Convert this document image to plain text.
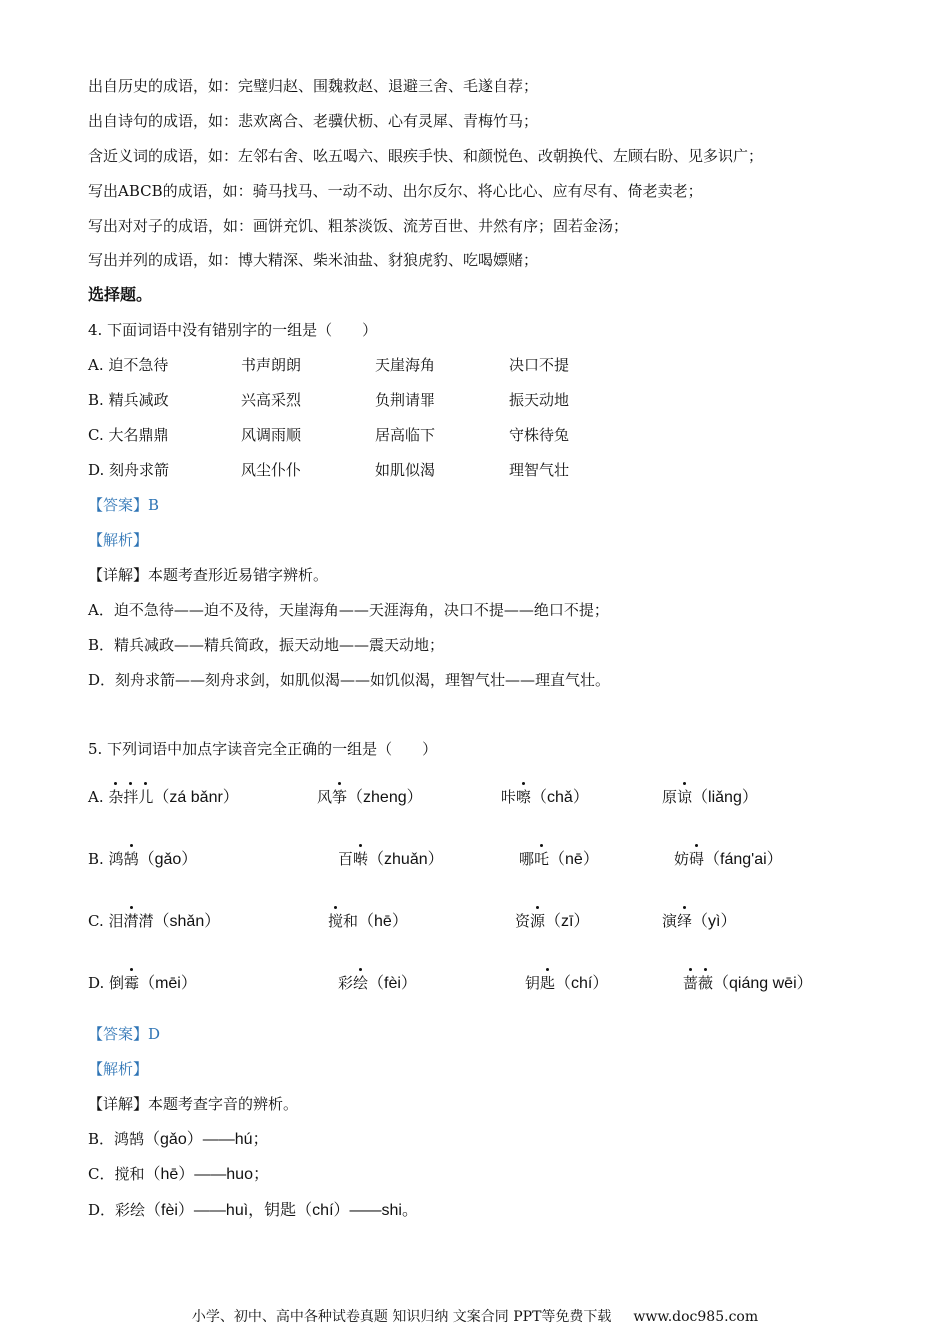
出自历史的成语，如：完璧归赵、围魏救赵、退避三舍、毛遂自荐；
出自诗句的成语，如：悲欢离合、老骥伏枥、心有灵犀、青梅竹马；
含近义词的成语，如：左邻右舍、吆五喝六、眼疾手快、和颜悦色、改朝换代、左顾右盼、见多识广；
写出ABCB的成语，如：骑马找马、一动不动、出尔反尔、将心比心、应有尽有、倚老卖老；
写出对对子的成语，如：画饼充饥、粗茶淡饭、流芳百世、井然有序；固若金汤；
写出并列的成语，如：博大精深、柴米油盐、豺狼虎豹、吃喝嫖赌；
选择题。
4. 下面词语中没有错别字的一组是（　　）
A. 迫不急待	书声朗朗	天崖海角	决口不提
B. 精兵减政	兴高采烈	负荆请罪	振天动地
C. 大名鼎鼎	风调雨顺	居高临下	守株待兔
D. 刻舟求箭	风尘仆仆	如肌似渴	理智气壮
【答案】B
【解析】
【详解】本题考查形近易错字辨析。
A．迫不急待——迫不及待，天崖海角——天涯海角，决口不提——绝口不提；
B．精兵减政——精兵简政，振天动地——震天动地；
D．刻舟求箭——刻舟求剑，如肌似渴——如饥似渴，理智气壮——理直气壮。
5. 下列词语中加点字读音完全正确的一组是（　　）
A. 杂拌儿（zá bǎnr）	风筝（zheng）	咔嚓（chǎ）	原谅（liǎng）
B. 鸿鹄（gǎo）	百啭（zhuǎn）	哪吒（nē）	妨碍（fáng'ai）
C. 泪潸潸（shǎn）	搅和（hē）	资源（zī）	演绎（yì）
D. 倒霉（mēi）	彩绘（fèi）	钥匙（chí）	蔷薇（qiáng wēi）
【答案】D
【解析】
【详解】本题考查字音的辨析。
B．鸿鹄（gǎo）——hú；
C．搅和（hē）——huo；
D．彩绘（fèi）——huì，钥匙（chí）——shi。
小学、初中、高中各种试卷真题 知识归纳 文案合同 PPT等免费下载 www.doc985.com
